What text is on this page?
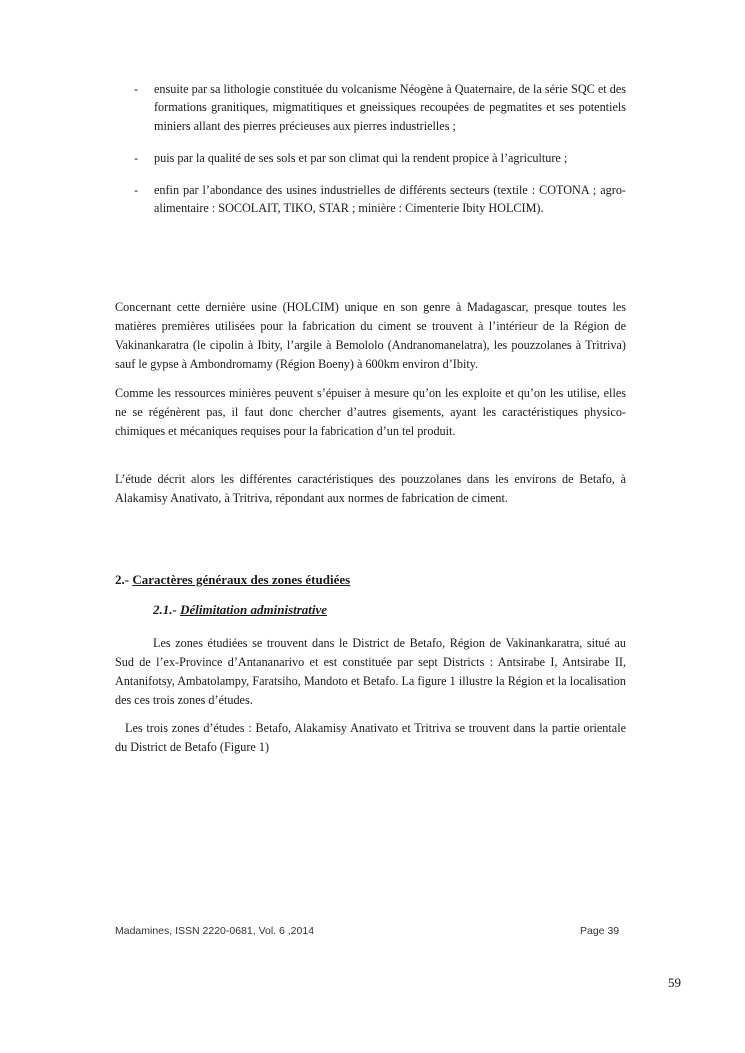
- ensuite par sa lithologie constituée du volcanisme Néogène à Quaternaire, de la série SQC et des formations granitiques, migmatitiques et gneissiques recoupées de pegmatites et ses potentiels miniers allant des pierres précieuses aux pierres industrielles ;
- puis par la qualité de ses sols et par son climat qui la rendent propice à l’agriculture ;
- enfin par l’abondance des usines industrielles de différents secteurs (textile : COTONA ; agro-alimentaire : SOCOLAIT, TIKO, STAR ; minière : Cimenterie Ibity HOLCIM).

Concernant cette dernière usine (HOLCIM) unique en son genre à Madagascar, presque toutes les matières premières utilisées pour la fabrication du ciment se trouvent à l’intérieur de la Région de Vakinankaratra (le cipolin à Ibity, l’argile à Bemololo (Andranomanelatra), les pouzzolanes à Tritriva) sauf le gypse à Ambondromamy (Région Boeny) à 600km environ d’Ibity.

Comme les ressources minières peuvent s’épuiser à mesure qu’on les exploite et qu’on les utilise, elles ne se régénèrent pas, il faut donc chercher d’autres gisements, ayant les caractéristiques physico-chimiques et mécaniques requises pour la fabrication d’un tel produit.

L’étude décrit alors les différentes caractéristiques des pouzzolanes dans les environs de Betafo, à Alakamisy Anativato, à Tritriva, répondant aux normes de fabrication de ciment.

2.- Caractères généraux des zones étudiées
2.1.- Délimitation administrative

Les zones étudiées se trouvent dans le District de Betafo, Région de Vakinankaratra, situé au Sud de l’ex-Province d’Antananarivo et est constituée par sept Districts : Antsirabe I, Antsirabe II, Antanifotsy, Ambatolampy, Faratsiho, Mandoto et Betafo. La figure 1 illustre la Région et la localisation des ces trois zones d’études.

Les trois zones d’études : Betafo, Alakamisy Anativato et Tritriva se trouvent dans la partie orientale du District de Betafo (Figure 1)

Madamines, ISSN 2220-0681, Vol. 6 ,2014	Page 39
59
